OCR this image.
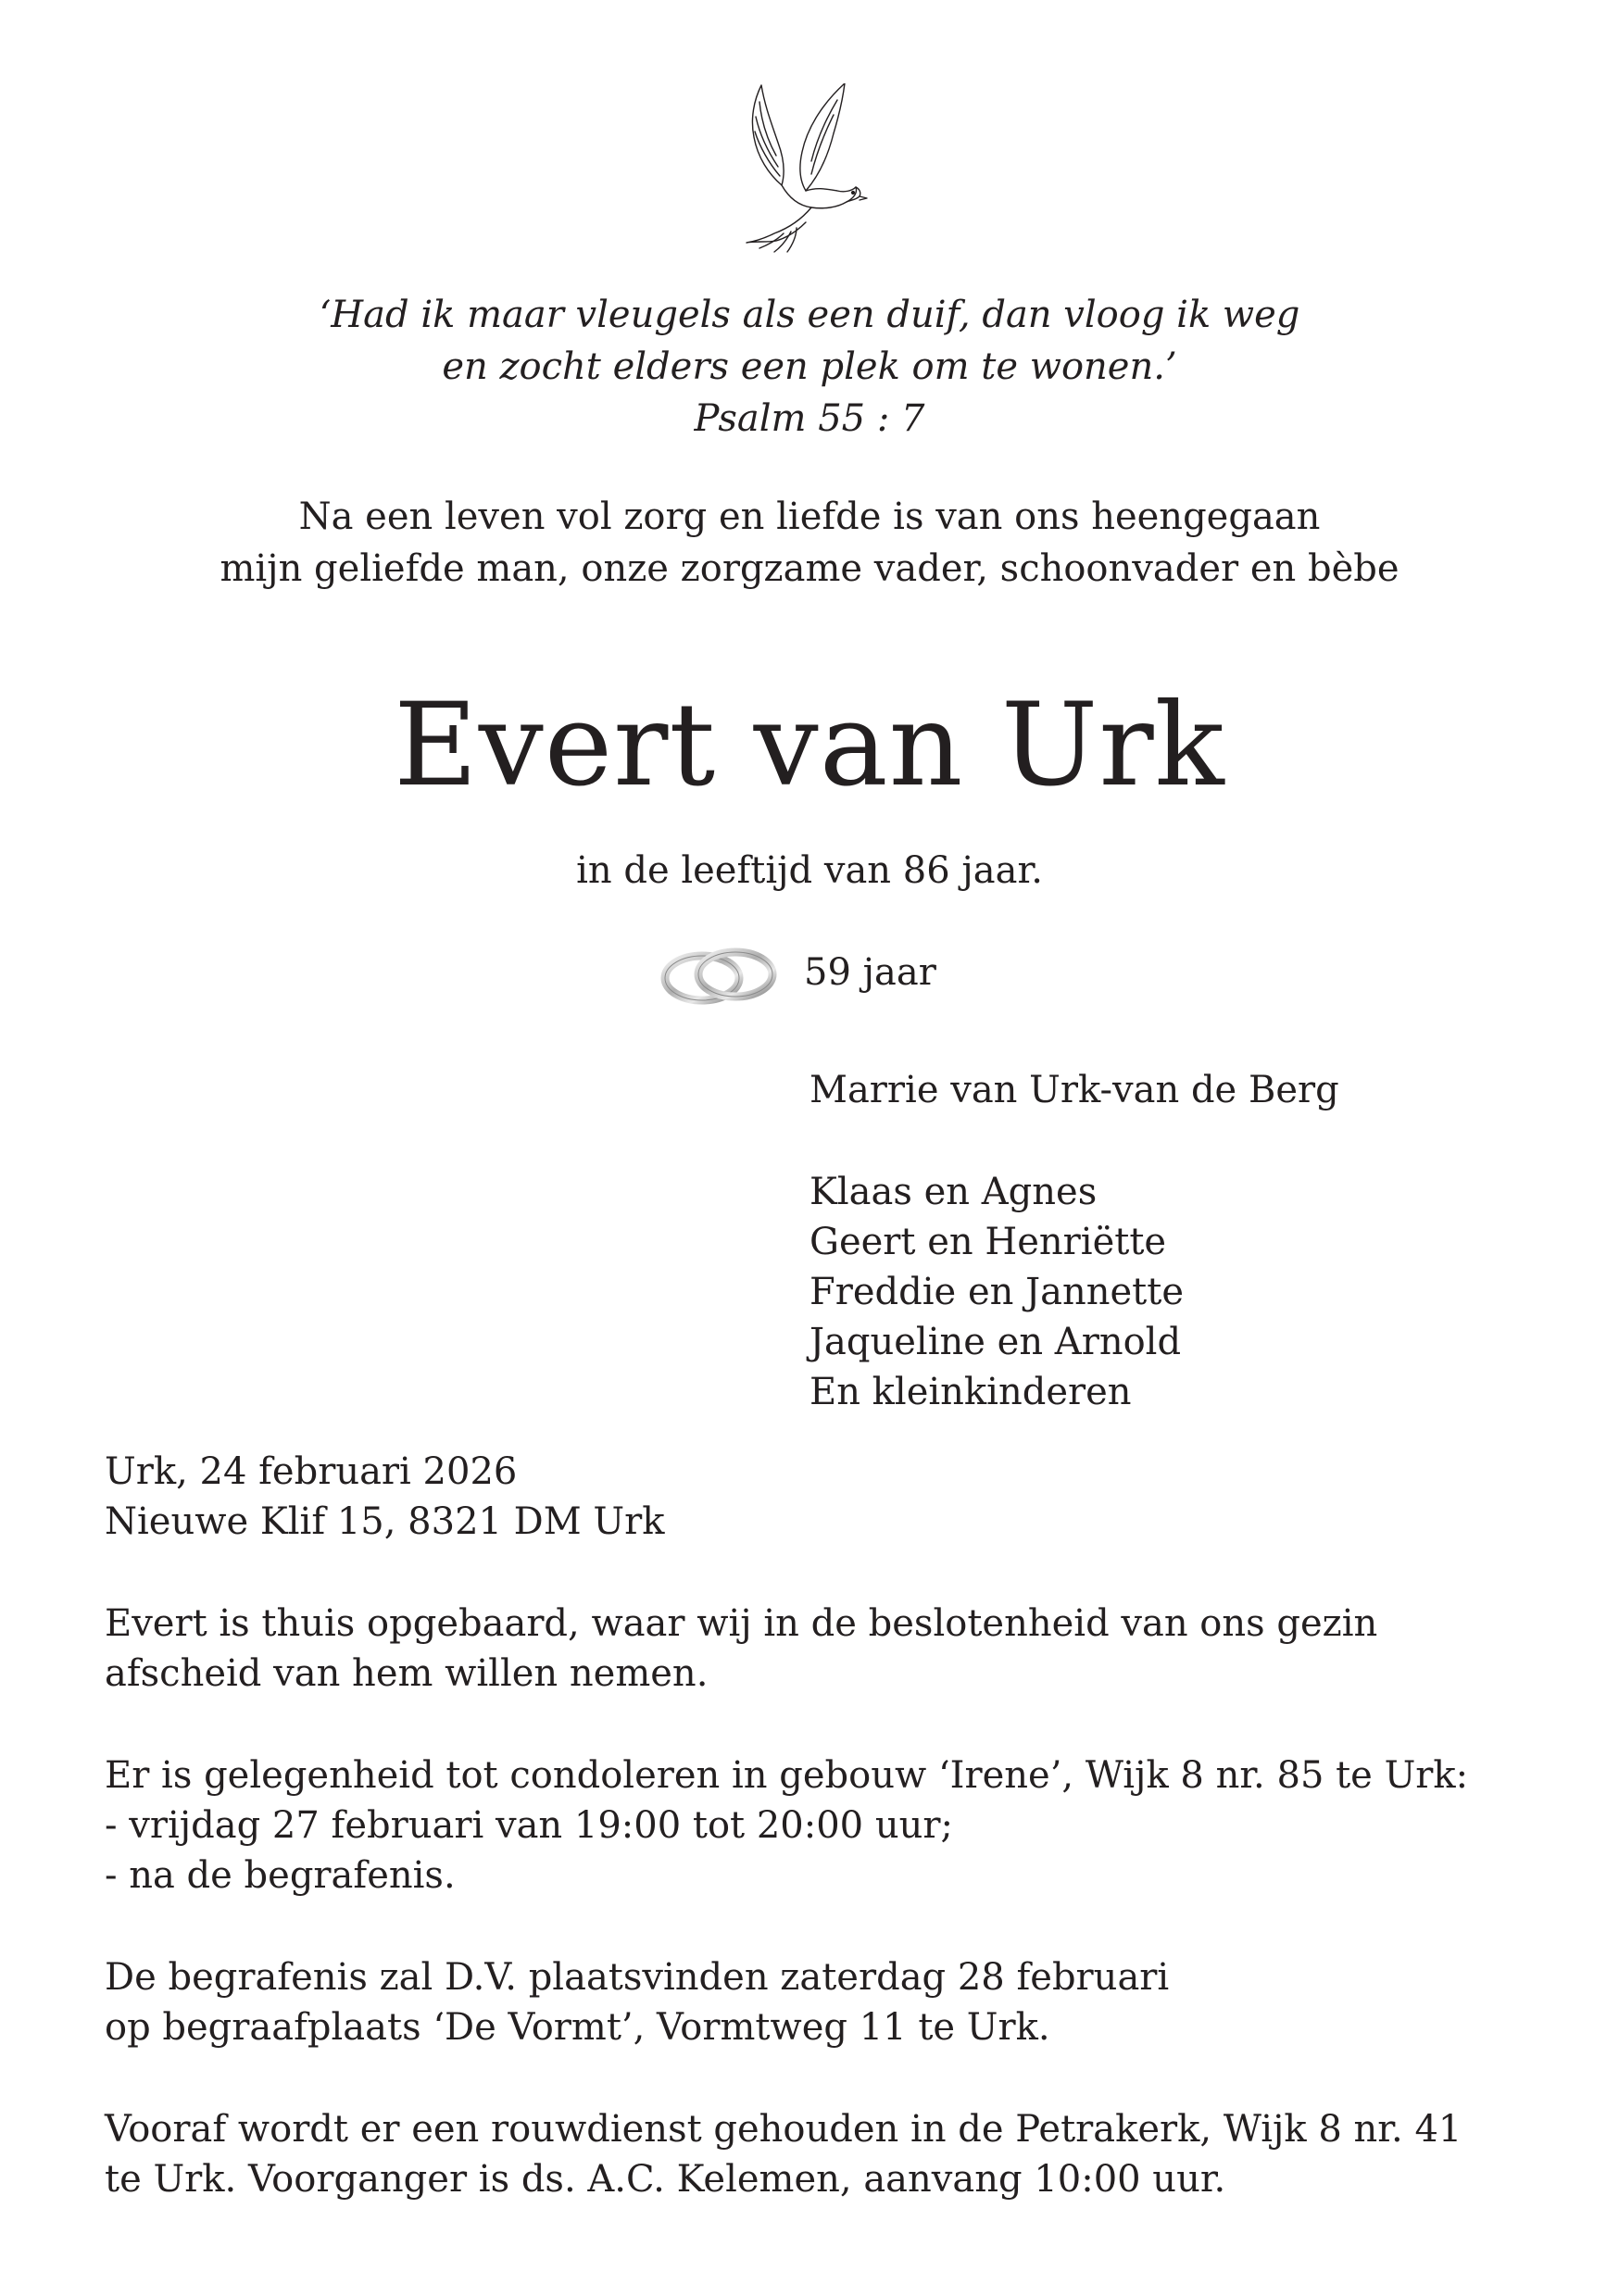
‘Had ik maar vleugels als een duif, dan vloog ik weg
en zocht elders een plek om te wonen.’
Psalm 55 : 7
Na een leven vol zorg en liefde is van ons heengegaan
mijn geliefde man, onze zorgzame vader, schoonvader en bèbe
Evert van Urk
in de leeftijd van 86 jaar.
59 jaar
Marrie van Urk-van de Berg
Klaas en Agnes
Geert en Henriëtte
Freddie en Jannette
Jaqueline en Arnold
En kleinkinderen

Urk, 24 februari 2026
Nieuwe Klif 15, 8321 DM Urk

Evert is thuis opgebaard, waar wij in de beslotenheid van ons gezin
afscheid van hem willen nemen.

Er is gelegenheid tot condoleren in gebouw ‘Irene’, Wijk 8 nr. 85 te Urk:
- vrijdag 27 februari van 19:00 tot 20:00 uur;
- na de begrafenis.

De begrafenis zal D.V. plaatsvinden zaterdag 28 februari
op begraafplaats ‘De Vormt’, Vormtweg 11 te Urk.

Vooraf wordt er een rouwdienst gehouden in de Petrakerk, Wijk 8 nr. 41
te Urk. Voorganger is ds. A.C. Kelemen, aanvang 10:00 uur.
